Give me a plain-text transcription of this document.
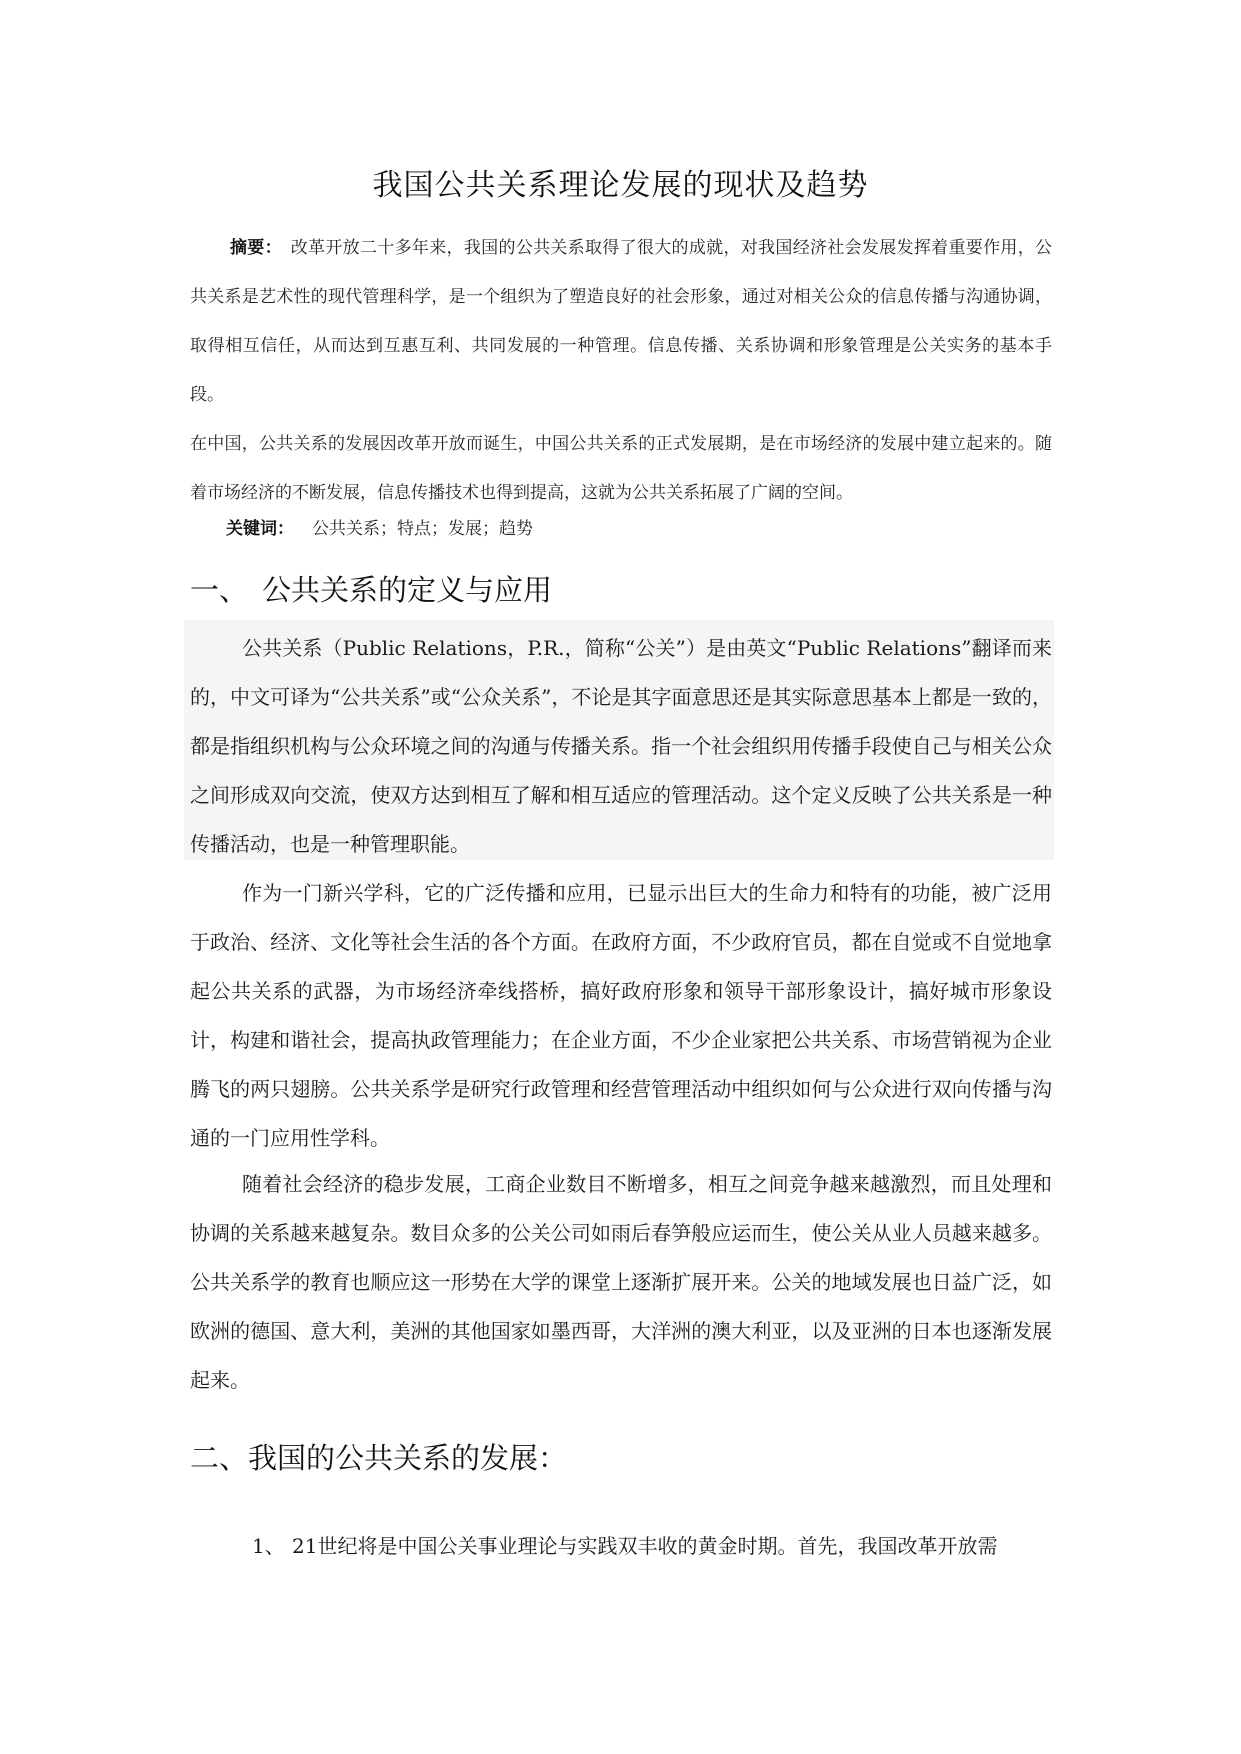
我国公共关系理论发展的现状及趋势

摘要：　 改革开放二十多年来，我国的公共关系取得了很大的成就，对我国经济社会发展发挥着重要作用，公共关系是艺术性的现代管理科学，是一个组织为了塑造良好的社会形象，通过对相关公众的信息传播与沟通协调，取得相互信任，从而达到互惠互利、共同发展的一种管理。信息传播、关系协调和形象管理是公关实务的基本手段。

在中国，公共关系的发展因改革开放而诞生，中国公共关系的正式发展期，是在市场经济的发展中建立起来的。随着市场经济的不断发展，信息传播技术也得到提高，这就为公共关系拓展了广阔的空间。

关键词： 公共关系；特点；发展；趋势
一、 公共关系的定义与应用

公共关系（Public Relations，P.R.，简称“公关”）是由英文“Public Relations”翻译而来的，中文可译为“公共关系”或“公众关系”，不论是其字面意思还是其实际意思基本上都是一致的，都是指组织机构与公众环境之间的沟通与传播关系。指一个社会组织用传播手段使自己与相关公众之间形成双向交流，使双方达到相互了解和相互适应的管理活动。这个定义反映了公共关系是一种传播活动，也是一种管理职能。

作为一门新兴学科，它的广泛传播和应用，已显示出巨大的生命力和特有的功能，被广泛用于政治、经济、文化等社会生活的各个方面。在政府方面，不少政府官员，都在自觉或不自觉地拿起公共关系的武器，为市场经济牵线搭桥，搞好政府形象和领导干部形象设计，搞好城市形象设计，构建和谐社会，提高执政管理能力；在企业方面，不少企业家把公共关系、市场营销视为企业腾飞的两只翅膀。公共关系学是研究行政管理和经营管理活动中组织如何与公众进行双向传播与沟通的一门应用性学科。

随着社会经济的稳步发展，工商企业数目不断增多，相互之间竞争越来越激烈，而且处理和协调的关系越来越复杂。数目众多的公关公司如雨后春笋般应运而生，使公关从业人员越来越多。公共关系学的教育也顺应这一形势在大学的课堂上逐渐扩展开来。公关的地域发展也日益广泛，如欧洲的德国、意大利，美洲的其他国家如墨西哥，大洋洲的澳大利亚，以及亚洲的日本也逐渐发展起来。

二、我国的公共关系的发展：
1、 21世纪将是中国公关事业理论与实践双丰收的黄金时期。首先，我国改革开放需
